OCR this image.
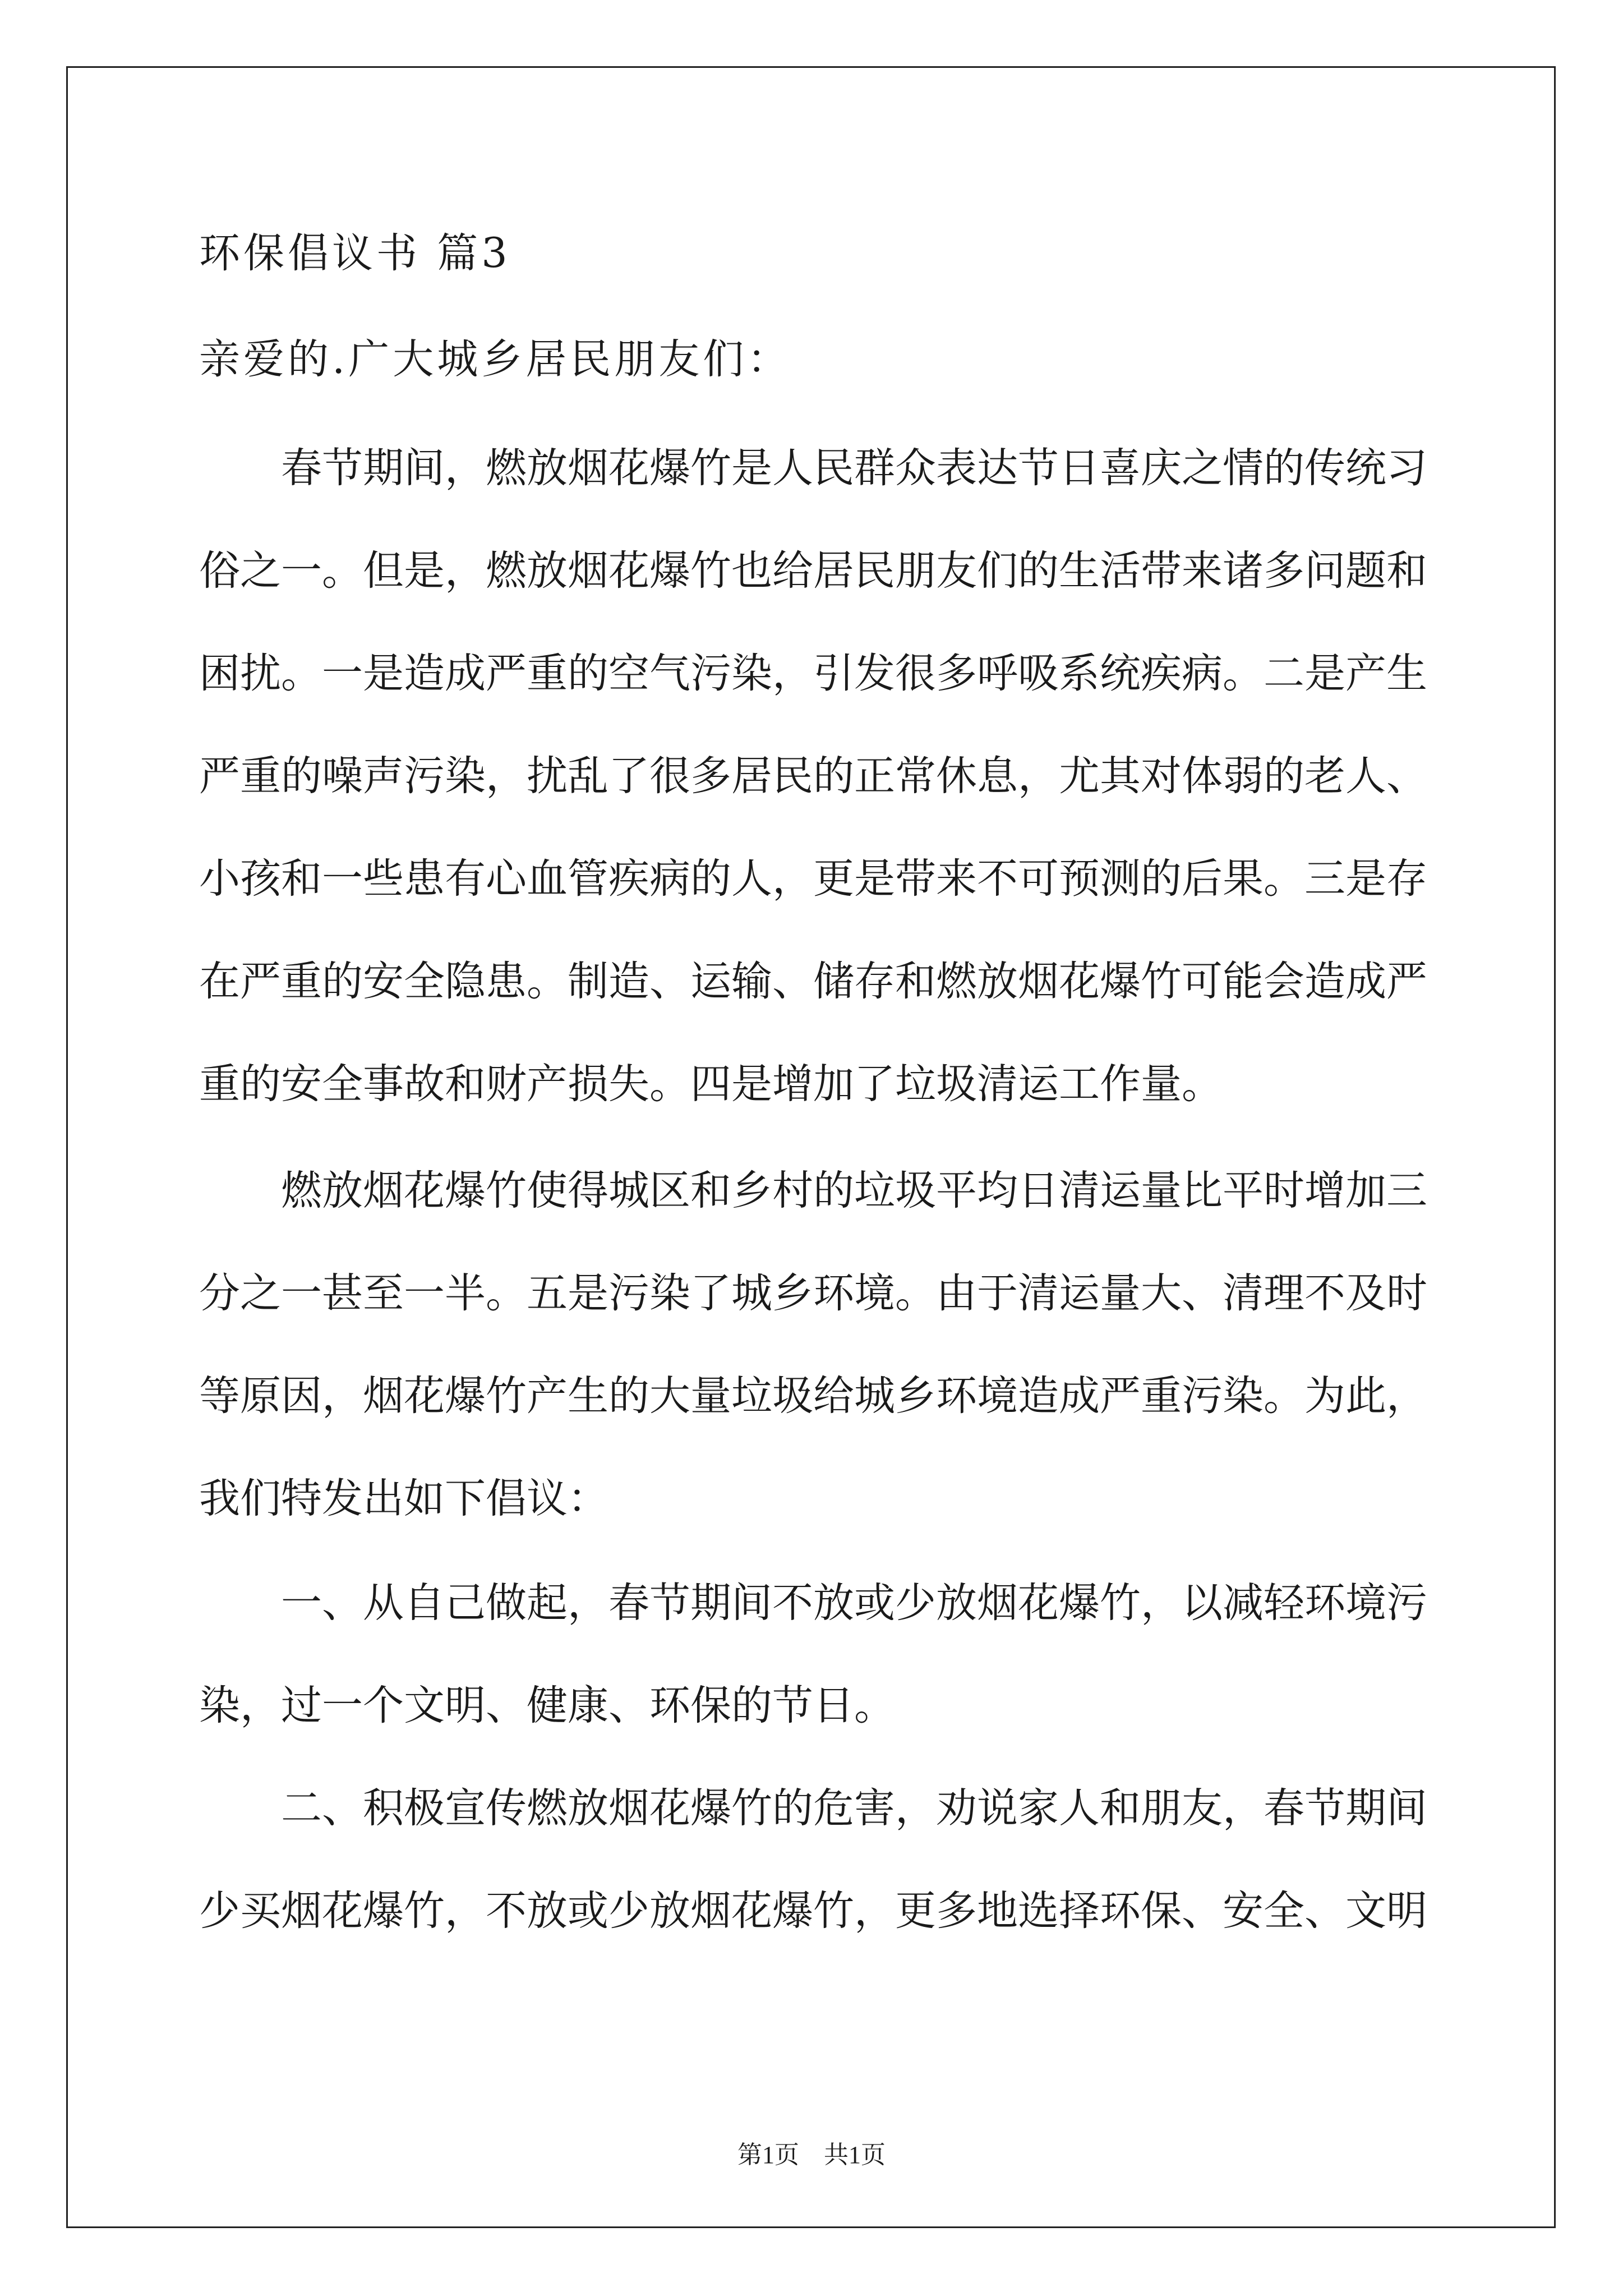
环保倡议书 篇3
亲爱的.广大城乡居民朋友们：

春节期间，燃放烟花爆竹是人民群众表达节日喜庆之情的传统习俗之一。但是，燃放烟花爆竹也给居民朋友们的生活带来诸多问题和困扰。一是造成严重的空气污染，引发很多呼吸系统疾病。二是产生严重的噪声污染，扰乱了很多居民的正常休息，尤其对体弱的老人、小孩和一些患有心血管疾病的人，更是带来不可预测的后果。三是存在严重的安全隐患。制造、运输、储存和燃放烟花爆竹可能会造成严重的安全事故和财产损失。四是增加了垃圾清运工作量。

燃放烟花爆竹使得城区和乡村的垃圾平均日清运量比平时增加三分之一甚至一半。五是污染了城乡环境。由于清运量大、清理不及时等原因，烟花爆竹产生的大量垃圾给城乡环境造成严重污染。为此，我们特发出如下倡议：

一、从自己做起，春节期间不放或少放烟花爆竹，以减轻环境污染，过一个文明、健康、环保的节日。

二、积极宣传燃放烟花爆竹的危害，劝说家人和朋友，春节期间少买烟花爆竹，不放或少放烟花爆竹，更多地选择环保、安全、文明

第1页　共1页
